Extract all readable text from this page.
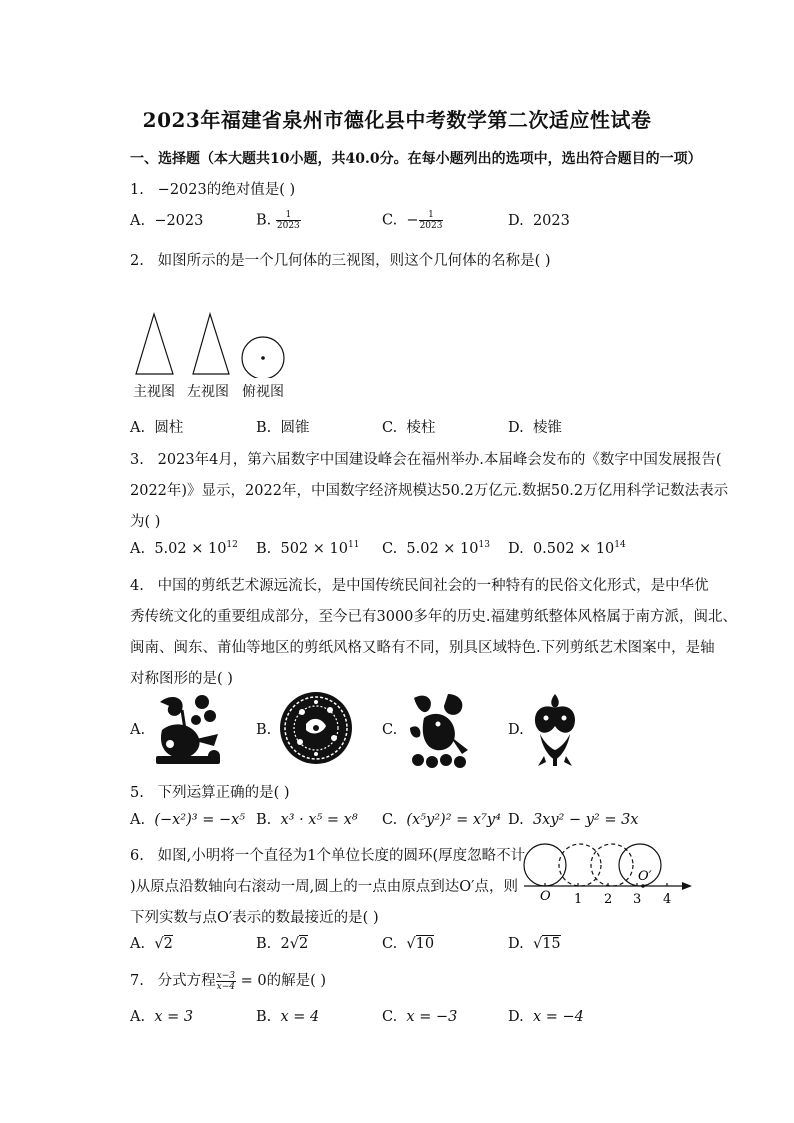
2023年福建省泉州市德化县中考数学第二次适应性试卷
一、选择题（本大题共10小题，共40.0分。在每小题列出的选项中，选出符合题目的一项）
1. −2023的绝对值是( )
A. −2023	B. $\frac{1}{2023}$	C. − $\frac{1}{2023}$	D. 2023
2. 如图所示的是一个几何体的三视图，则这个几何体的名称是( )
主视图 左视图 俯视图
A. 圆柱	B. 圆锥	C. 棱柱	D. 棱锥
3. 2023年4月，第六届数字中国建设峰会在福州举办.本届峰会发布的《数字中国发展报告(
2022年)》显示，2022年，中国数字经济规模达50.2万亿元.数据50.2万亿用科学记数法表示
为( )
A. $5.02 \times 10^{12}$ B. $502 \times 10^{11}$ C. $5.02 \times 10^{13}$ D. $0.502 \times 10^{14}$
4. 中国的剪纸艺术源远流长，是中国传统民间社会的一种特有的民俗文化形式，是中华优
秀传统文化的重要组成部分，至今已有3000多年的历史.福建剪纸整体风格属于南方派，闽北、
闽南、闽东、莆仙等地区的剪纸风格又略有不同，别具区域特色.下列剪纸艺术图案中，是轴
对称图形的是( )
A.	B.	C.	D.
5. 下列运算正确的是( )
A. (−x²)³ = −x⁵ B. x³ · x⁵ = x⁸ C. (x⁵y²)² = x⁷y⁴ D. 3xy² − y² = 3x
6. 如图,小明将一个直径为1个单位长度的圆环(厚度忽略不计
)从原点沿数轴向右滚动一周,圆上的一点由原点到达O′点，则
下列实数与点O′表示的数最接近的是( )
O
O′
1 2 3 4
A. √2	B. 2√2	C. √10	D. √15
7. 分式方程 $\frac{x-3}{x-4} = 0$的解是( )
A. x = 3	B. x = 4	C. x = −3	D. x = −4
